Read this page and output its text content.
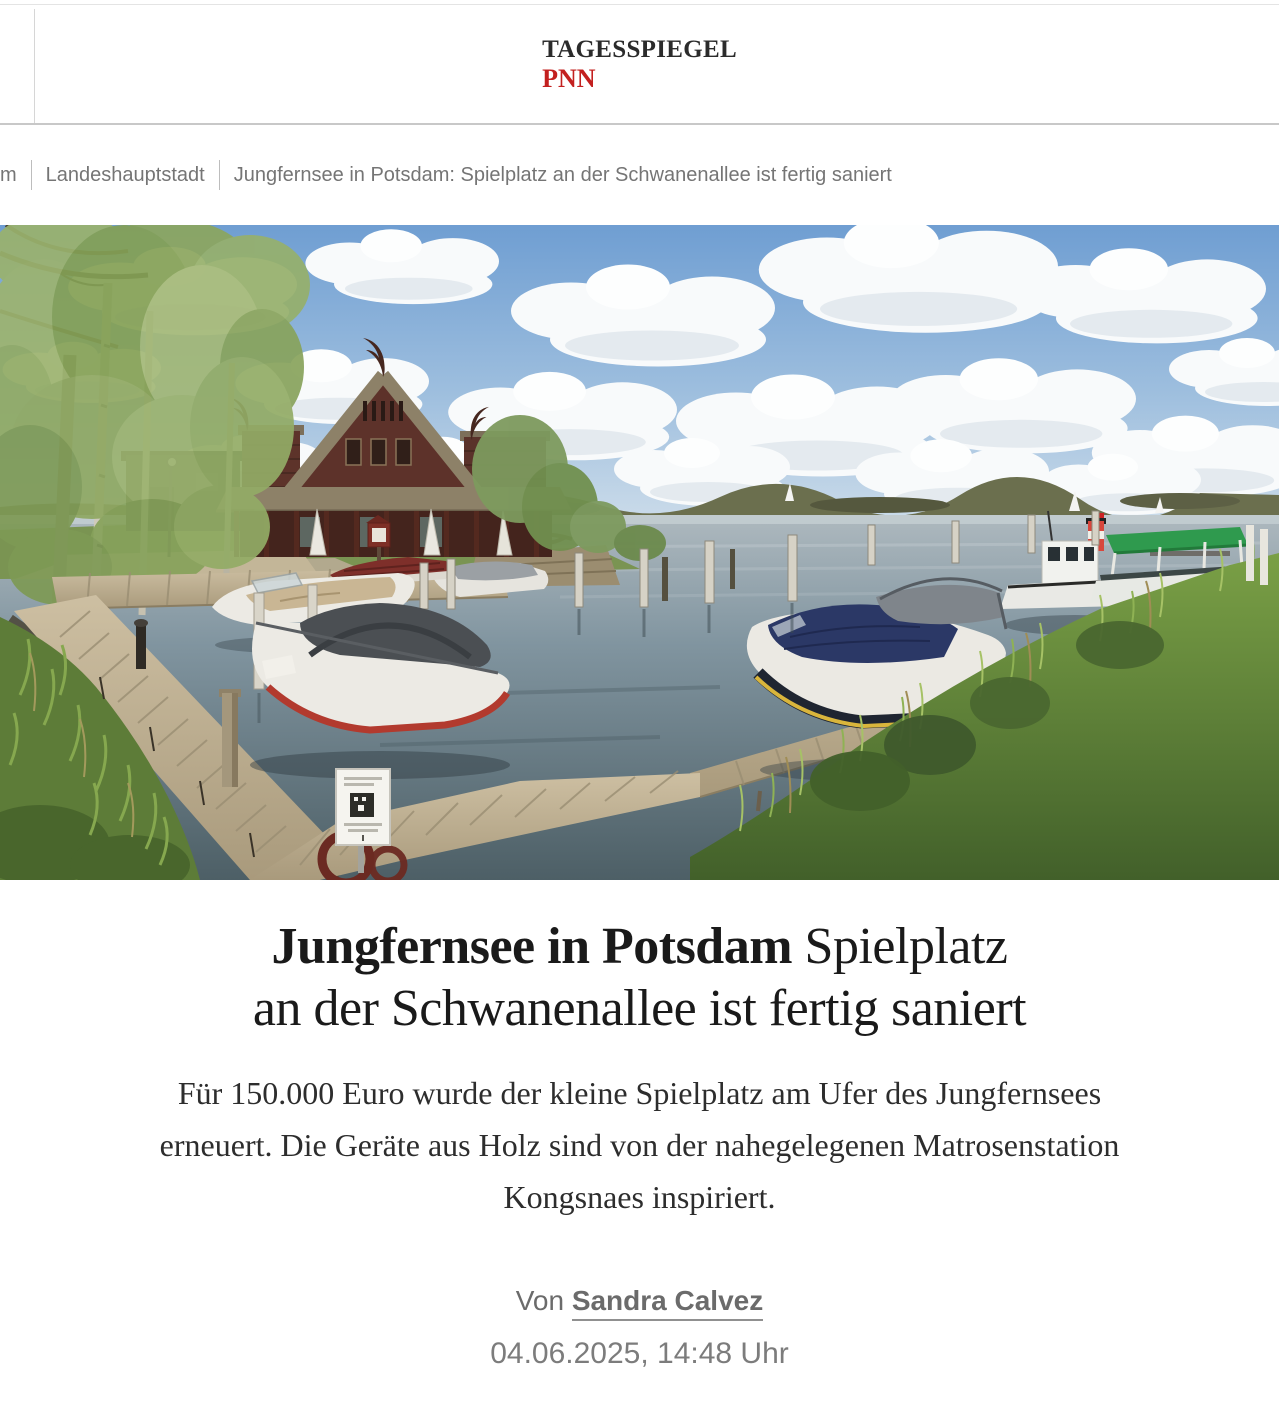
TAGESSPIEGEL
PNN
m Landeshauptstadt Jungfernsee in Potsdam: Spielplatz an der Schwanenallee ist fertig saniert
Jungfernsee in Potsdam Spielplatz
an der Schwanenallee ist fertig saniert

Für 150.000 Euro wurde der kleine Spielplatz am Ufer des Jungfernsees erneuert. Die Geräte aus Holz sind von der nahegelegenen Matrosenstation Kongsnaes inspiriert.

Von Sandra Calvez
04.06.2025, 14:48 Uhr
